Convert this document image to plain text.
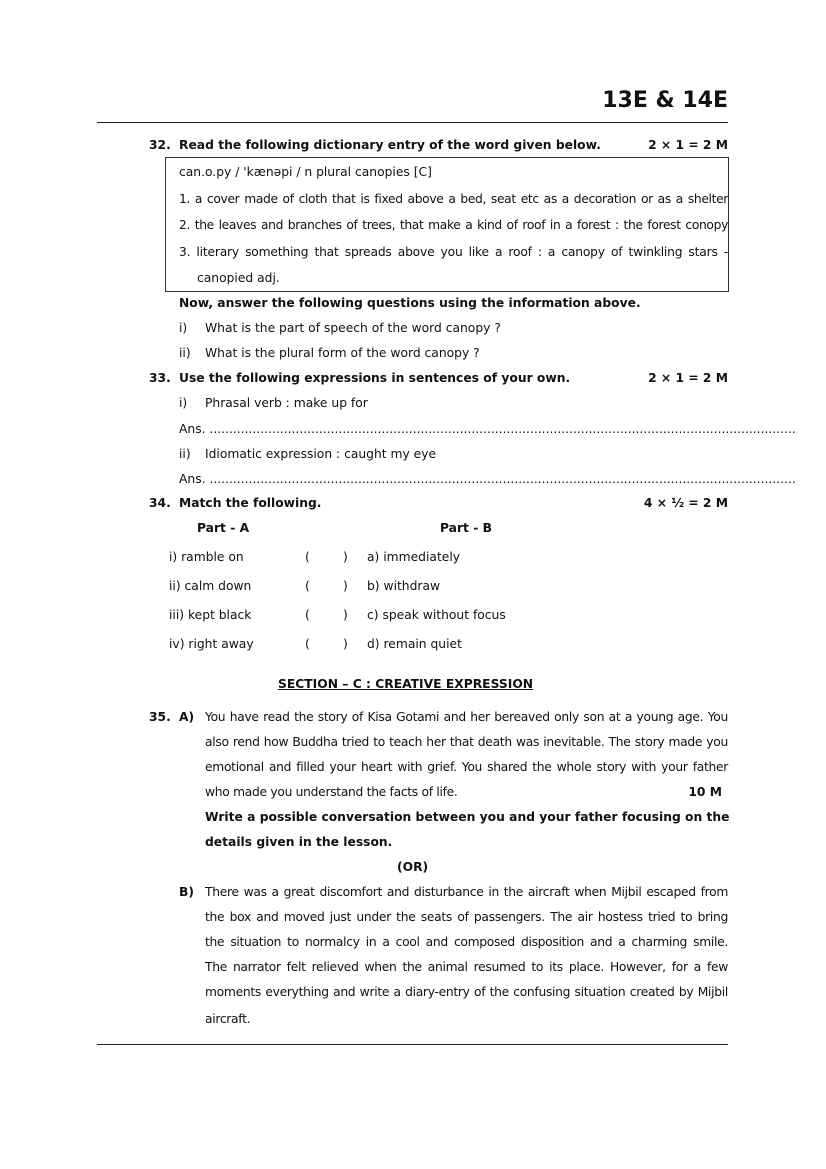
13E & 14E
32. Read the following dictionary entry of the word given below.	2 × 1 = 2 M
can.o.py / 'kænəpi / n plural canopies [C]
1. a cover made of cloth that is fixed above a bed, seat etc as a decoration or as a shelter
2. the leaves and branches of trees, that make a kind of roof in a forest : the forest conopy
3. literary something that spreads above you like a roof : a canopy of twinkling stars -
canopied adj.
Now, answer the following questions using the information above.
i) What is the part of speech of the word canopy ?
ii) What is the plural form of the word canopy ?
33. Use the following expressions in sentences of your own.	2 × 1 = 2 M
i) Phrasal verb : make up for
Ans. ......................................................................................................................................................
ii) Idiomatic expression : caught my eye
Ans. ......................................................................................................................................................
34. Match the following.	4 × ½ = 2 M
Part - A	Part - B
SECTION – C : CREATIVE EXPRESSION
35. A)
10 M
Write a possible conversation between you and your father focusing on the
details given in the lesson.
(OR)
B)
i) ramble on	(	) a) immediately
ii) calm down	(	) b) withdraw
iii) kept black	(	) c) speak without focus
iv) right away	(	) d) remain quiet
You have read the story of Kisa Gotami and her bereaved only son at a young age. You
also rend how Buddha tried to teach her that death was inevitable. The story made you
emotional and filled your heart with grief. You shared the whole story with your father
who made you understand the facts of life.
There was a great discomfort and disturbance in the aircraft when Mijbil escaped from
the box and moved just under the seats of passengers. The air hostess tried to bring
the situation to normalcy in a cool and composed disposition and a charming smile.
The narrator felt relieved when the animal resumed to its place. However, for a few
moments everything and write a diary-entry of the confusing situation created by Mijbil
aircraft.
